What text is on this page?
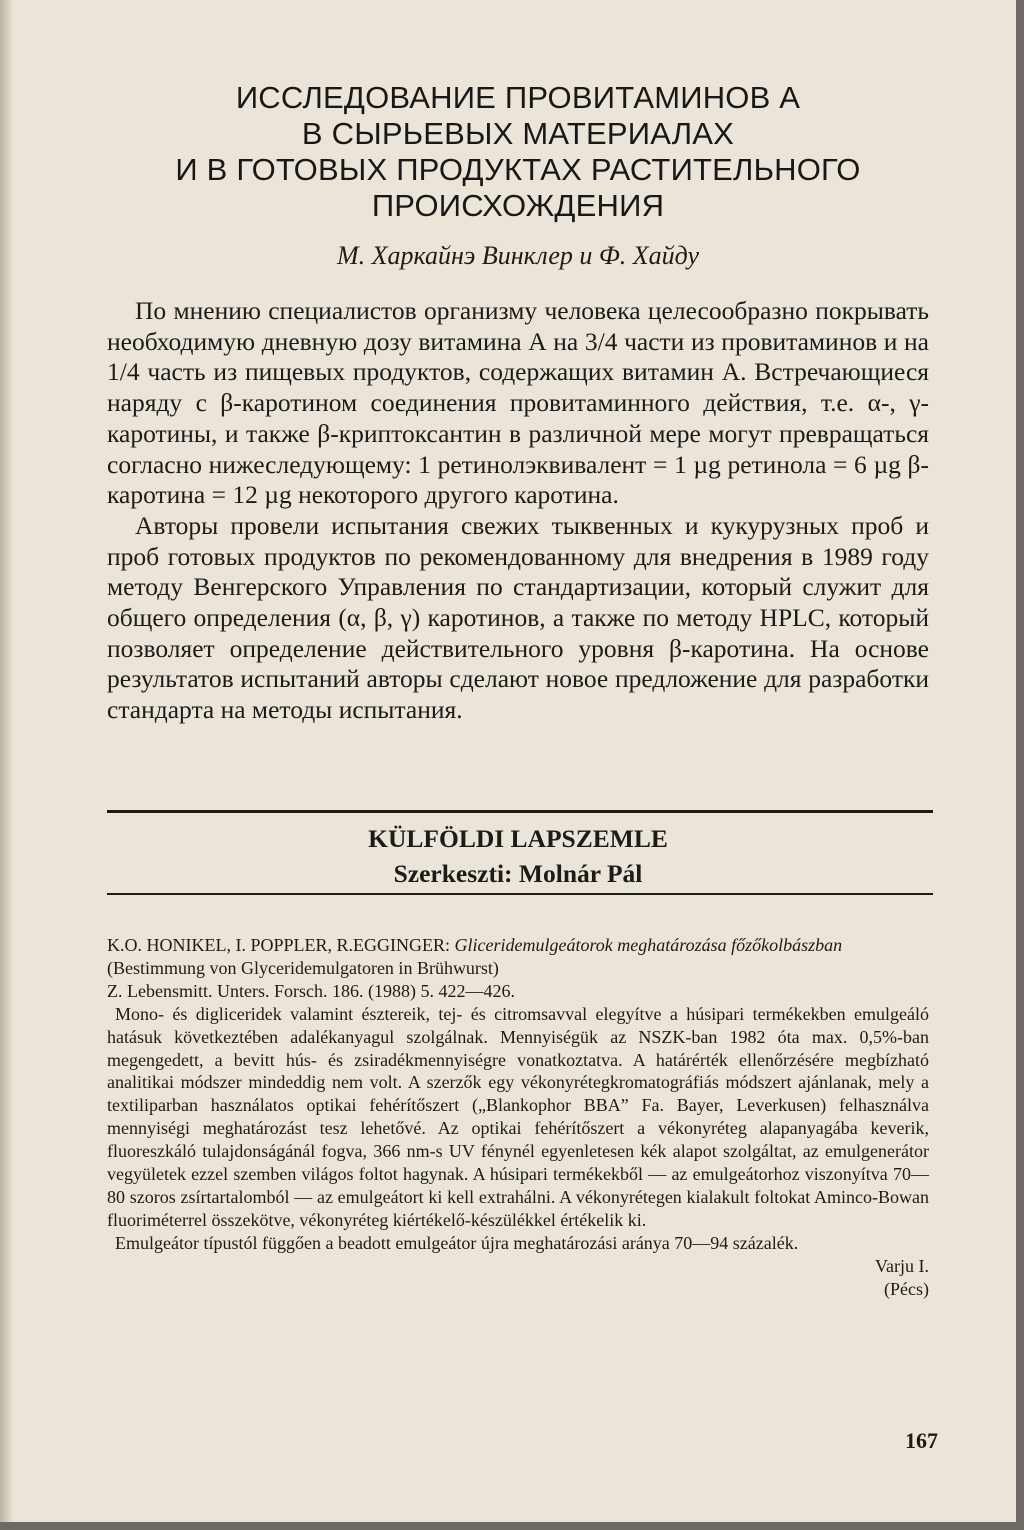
ИССЛЕДОВАНИЕ ПРОВИТАМИНОВ А
В СЫРЬЕВЫХ МАТЕРИАЛАХ
И В ГОТОВЫХ ПРОДУКТАХ РАСТИТЕЛЬНОГО
ПРОИСХОЖДЕНИЯ
М. Харкайнэ Винклер и Ф. Хайду

По мнению специалистов организму человека целесообразно покрывать необходимую дневную дозу витамина А на 3/4 части из провитаминов и на 1/4 часть из пищевых продуктов, содержащих витамин А. Встречающиеся наряду с β-каротином соединения провитаминного действия, т.е. α-, γ-каротины, и также β-криптоксантин в различной мере могут превращаться согласно нижеследующему: 1 ретинолэквивалент = 1 µg ретинола = 6 µg β-каротина = 12 µg некоторого другого каротина.

Авторы провели испытания свежих тыквенных и кукурузных проб и проб готовых продуктов по рекомендованному для внедрения в 1989 году методу Венгерского Управления по стандартизации, который служит для общего определения (α, β, γ) каротинов, а также по методу HPLC, который позволяет определение действительного уровня β-каротина. На основе результатов испытаний авторы сделают новое предложение для разработки стандарта на методы испытания.

KÜLFÖLDI LAPSZEMLE
Szerkeszti: Molnár Pál
K.O. HONIKEL, I. POPPLER, R.EGGINGER: Gliceridemulgeátorok meghatározása főzőkolbászban
(Bestimmung von Glyceridemulgatoren in Brühwurst)
Z. Lebensmitt. Unters. Forsch. 186. (1988) 5. 422—426.

Mono- és digliceridek valamint észtereik, tej- és citromsavval elegyítve a húsipari termékekben emulgeáló hatásuk következtében adalékanyagul szolgálnak. Mennyiségük az NSZK-ban 1982 óta max. 0,5%-ban megengedett, a bevitt hús- és zsiradékmennyiségre vonatkoztatva. A határérték ellenőrzésére megbízható analitikai módszer mindeddig nem volt. A szerzők egy vékonyrétegkromatográfiás módszert ajánlanak, mely a textiliparban használatos optikai fehérítőszert („Blankophor BBA” Fa. Bayer, Leverkusen) felhasználva mennyiségi meghatározást tesz lehetővé. Az optikai fehérítőszert a vékonyréteg alapanyagába keverik, fluoreszkáló tulajdonságánál fogva, 366 nm-s UV fénynél egyenletesen kék alapot szolgáltat, az emulgenerátor vegyületek ezzel szemben világos foltot hagynak. A húsipari termékekből — az emulgeátorhoz viszonyítva 70—80 szoros zsírtartalomból — az emulgeátort ki kell extrahálni. A vékonyrétegen kialakult foltokat Aminco-Bowan fluoriméterrel összekötve, vékonyréteg kiértékelő-készülékkel értékelik ki.

Emulgeátor típustól függően a beadott emulgeátor újra meghatározási aránya 70—94 százalék.

Varju I.
(Pécs)
167
